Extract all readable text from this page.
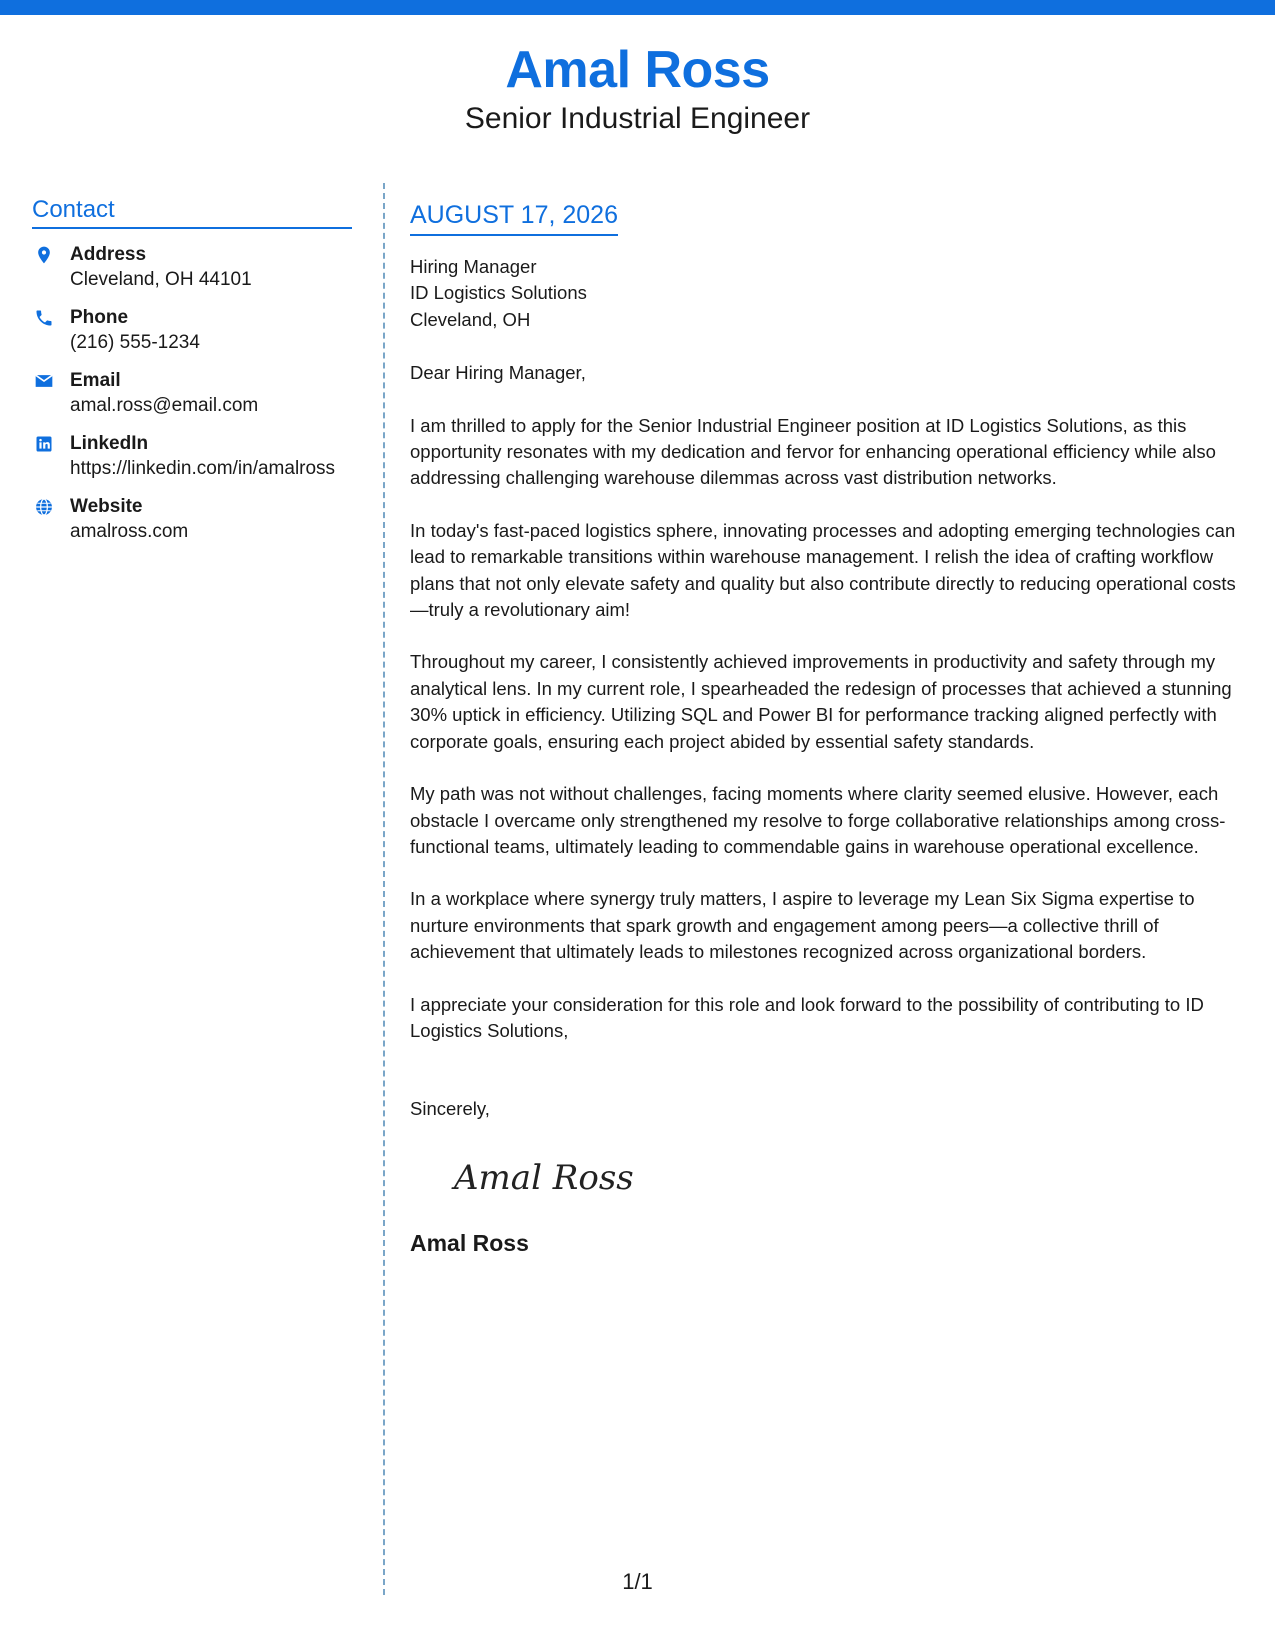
Amal Ross
Senior Industrial Engineer
Contact
Address
Cleveland, OH 44101
Phone
(216) 555-1234
Email
amal.ross@email.com
LinkedIn
https://linkedin.com/in/amalross
Website
amalross.com
AUGUST 17, 2026
Hiring Manager
ID Logistics Solutions
Cleveland, OH
Dear Hiring Manager,
I am thrilled to apply for the Senior Industrial Engineer position at ID Logistics Solutions, as this opportunity resonates with my dedication and fervor for enhancing operational efficiency while also addressing challenging warehouse dilemmas across vast distribution networks.
In today's fast-paced logistics sphere, innovating processes and adopting emerging technologies can lead to remarkable transitions within warehouse management. I relish the idea of crafting workflow plans that not only elevate safety and quality but also contribute directly to reducing operational costs—truly a revolutionary aim!
Throughout my career, I consistently achieved improvements in productivity and safety through my analytical lens. In my current role, I spearheaded the redesign of processes that achieved a stunning 30% uptick in efficiency. Utilizing SQL and Power BI for performance tracking aligned perfectly with corporate goals, ensuring each project abided by essential safety standards.
My path was not without challenges, facing moments where clarity seemed elusive. However, each obstacle I overcame only strengthened my resolve to forge collaborative relationships among cross-functional teams, ultimately leading to commendable gains in warehouse operational excellence.
In a workplace where synergy truly matters, I aspire to leverage my Lean Six Sigma expertise to nurture environments that spark growth and engagement among peers—a collective thrill of achievement that ultimately leads to milestones recognized across organizational borders.
I appreciate your consideration for this role and look forward to the possibility of contributing to ID Logistics Solutions,
Sincerely,
Amal Ross
Amal Ross
1/1
